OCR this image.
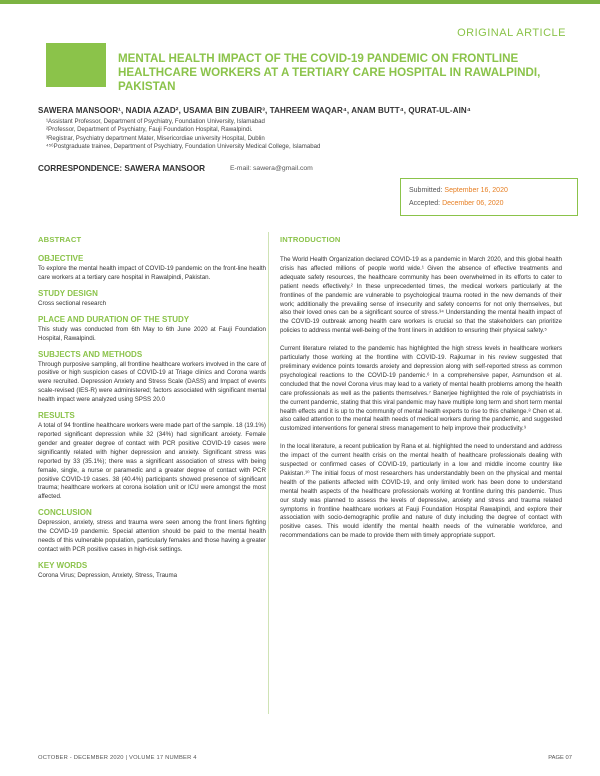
ORIGINAL ARTICLE
MENTAL HEALTH IMPACT OF THE COVID-19 PANDEMIC ON FRONTLINE HEALTHCARE WORKERS AT A TERTIARY CARE HOSPITAL IN RAWALPINDI, PAKISTAN
SAWERA MANSOOR¹, NADIA AZAD², USAMA BIN ZUBAIR³, TAHREEM WAQAR⁴, ANAM BUTT⁴, QURAT-UL-AIN⁴
¹Assistant Professor, Department of Psychiatry, Foundation University, Islamabad
²Professor, Department of Psychiatry, Fauji Foundation Hospital, Rawalpindi.
³Registrar, Psychiatry department Mater, Misericordiae university Hospital, Dublin
⁴⁵⁶Postgraduate trainee, Department of Psychiatry, Foundation University Medical College, Islamabad
CORRESPONDENCE: SAWERA MANSOOR	E-mail: sawera@gmail.com
Submitted: September 16, 2020
Accepted: December 06, 2020
ABSTRACT
OBJECTIVE
To explore the mental health impact of COVID-19 pandemic on the front-line health care workers at a tertiary care hospital in Rawalpindi, Pakistan.
STUDY DESIGN
Cross sectional research
PLACE AND DURATION OF THE STUDY
This study was conducted from 6th May to 6th June 2020 at Fauji Foundation Hospital, Rawalpindi.
SUBJECTS AND METHODS
Through purposive sampling, all frontline healthcare workers involved in the care of positive or high suspicion cases of COVID-19 at Triage clinics and Corona wards were recruited. Depression Anxiety and Stress Scale (DASS) and Impact of events scale-revised (IES-R) were administered; factors associated with significant mental health impact were analyzed using SPSS 20.0
RESULTS
A total of 94 frontline healthcare workers were made part of the sample. 18 (19.1%) reported significant depression while 32 (34%) had significant anxiety. Female gender and greater degree of contact with PCR positive COVID-19 cases were significantly related with higher depression and anxiety. Significant stress was reported by 33 (35.1%); there was a significant association of stress with being female, single, a nurse or paramedic and a greater degree of contact with PCR positive COVID-19 cases. 38 (40.4%) participants showed presence of significant trauma; healthcare workers at corona isolation unit or ICU were amongst the most affected.
CONCLUSION
Depression, anxiety, stress and trauma were seen among the front liners fighting the COVID-19 pandemic. Special attention should be paid to the mental health needs of this vulnerable population, particularly females and those having a greater contact with PCR positive cases in high-risk settings.
KEY WORDS
Corona Virus; Depression, Anxiety, Stress, Trauma
INTRODUCTION

The World Health Organization declared COVID-19 as a pandemic in March 2020, and this global health crisis has affected millions of people world wide.¹ Given the absence of effective treatments and adequate safety resources, the healthcare community has been overwhelmed in its efforts to cater to patient needs effectively.² In these unprecedented times, the medical workers particularly at the frontlines of the pandemic are vulnerable to psychological trauma rooted in the new demands of their work; additionally the prevailing sense of insecurity and safety concerns for not only themselves, but also their loved ones can be a significant source of stress.³⁴ Understanding the mental health impact of the COVID-19 outbreak among health care workers is crucial so that the stakeholders can prioritize policies to address mental well-being of the front liners in addition to ensuring their physical safety.⁵

Current literature related to the pandemic has highlighted the high stress levels in healthcare workers particularly those working at the frontline with COVID-19. Rajkumar in his review suggested that preliminary evidence points towards anxiety and depression along with self-reported stress as common psychological reactions to the COVID-19 pandemic.⁶ In a comprehensive paper, Asmundson et al. concluded that the novel Corona virus may lead to a variety of mental health problems among the health care professionals as well as the patients themselves.⁷ Banerjee highlighted the role of psychiatrists in the current pandemic, stating that this viral pandemic may have multiple long term and short term mental health effects and it is up to the community of mental health experts to rise to this challenge.⁸ Chen et al. also called attention to the mental health needs of medical workers during the pandemic, and suggested customized interventions for general stress management to help improve their productivity.⁹

In the local literature, a recent publication by Rana et al. highlighted the need to understand and address the impact of the current health crisis on the mental health of healthcare professionals dealing with suspected or confirmed cases of COVID-19, particularly in a low and middle income country like Pakistan.¹⁰ The initial focus of most researchers has understandably been on the physical and mental health of the patients affected with COVID-19, and only limited work has been done to understand mental health aspects of the healthcare professionals working at frontline during this pandemic. Thus our study was planned to assess the levels of depressive, anxiety and stress and trauma related symptoms in frontline healthcare workers at Fauji Foundation Hospital Rawalpindi, and explore their association with socio-demographic profile and nature of duty including the degree of contact with positive cases. This would identify the mental health needs of the vulnerable workforce, and recommendations can be made to provide them with timely appropriate support.

OCTOBER - DECEMBER 2020 | VOLUME 17 NUMBER 4	PAGE 07
